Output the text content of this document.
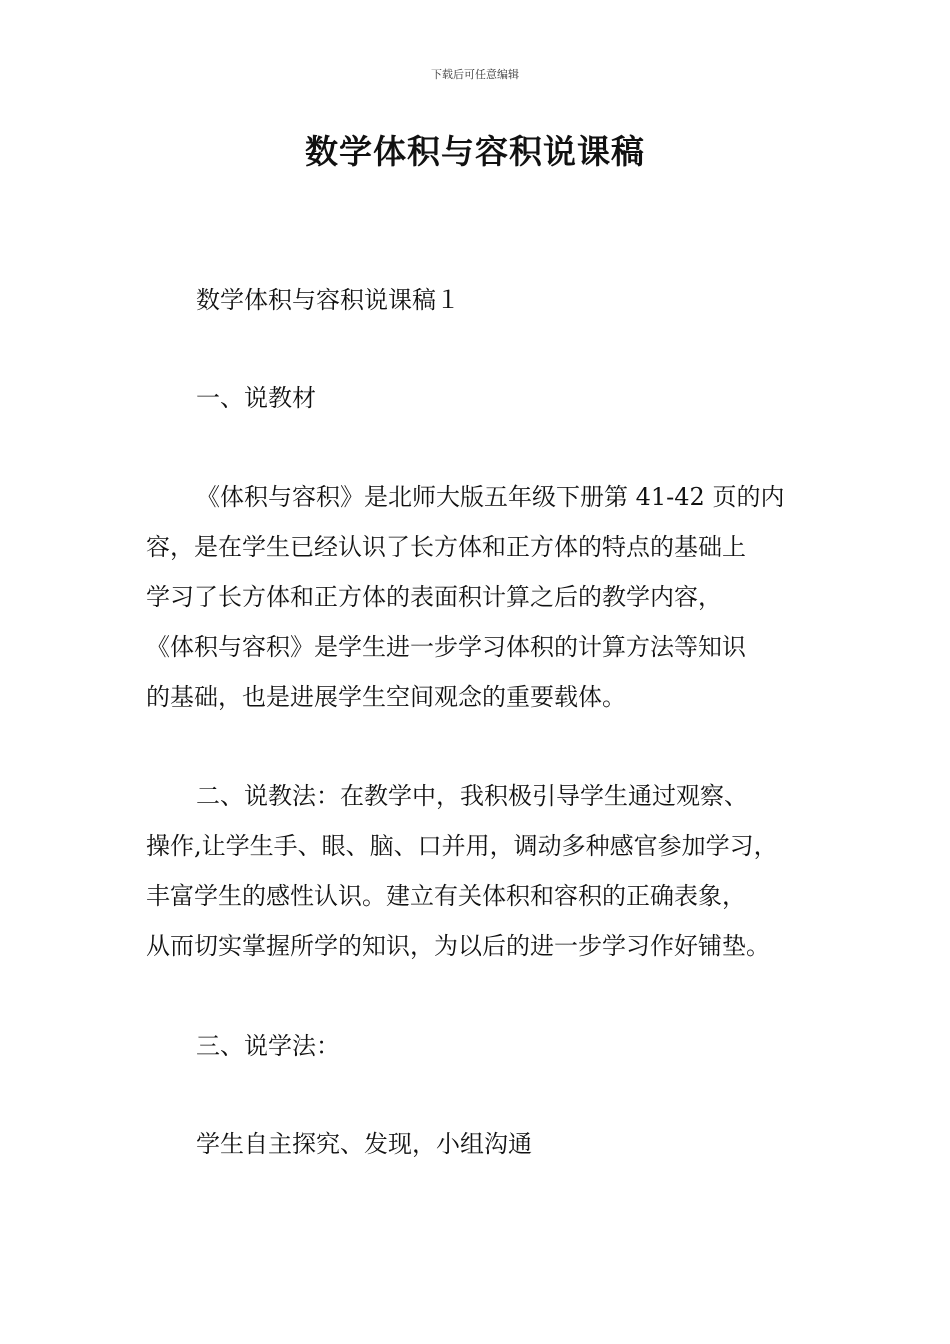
下载后可任意编辑
数学体积与容积说课稿
数学体积与容积说课稿１
一、说教材
《体积与容积》是北师大版五年级下册第 41-42 页的内
容，是在学生已经认识了长方体和正方体的特点的基础上
学习了长方体和正方体的表面积计算之后的教学内容，
《体积与容积》是学生进一步学习体积的计算方法等知识
的基础，也是进展学生空间观念的重要载体。
二、说教法：在教学中，我积极引导学生通过观察、
操作,让学生手、眼、脑、口并用，调动多种感官参加学习，
丰富学生的感性认识。建立有关体积和容积的正确表象，
从而切实掌握所学的知识，为以后的进一步学习作好铺垫。
三、说学法：
学生自主探究、发现，小组沟通
